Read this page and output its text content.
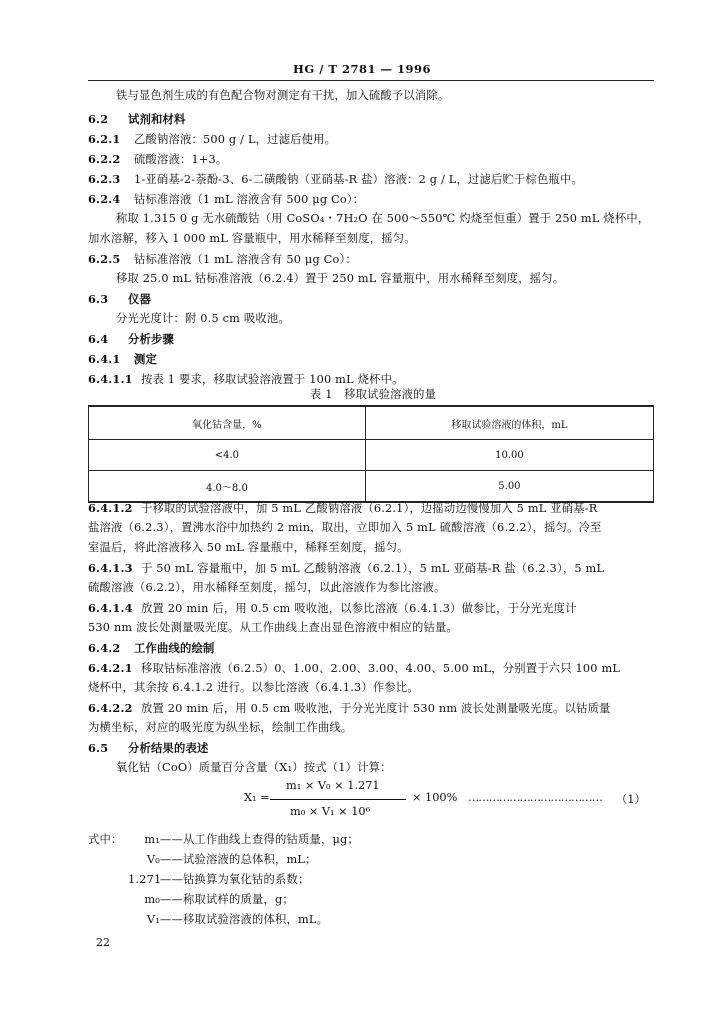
HG / T 2781 — 1996
铁与显色剂生成的有色配合物对测定有干扰，加入硫酸予以消除。
6.2 试剂和材料
6.2.1 乙酸钠溶液：500 g / L，过滤后使用。
6.2.2 硫酸溶液：1+3。
6.2.3 1-亚硝基-2-萘酚-3、6-二磺酸钠（亚硝基-R 盐）溶液：2 g / L，过滤后贮于棕色瓶中。
6.2.4 钴标准溶液（1 mL 溶液含有 500 μg Co）：
称取 1.315 0 g 无水硫酸钴（用 CoSO₄・7H₂O 在 500～550℃ 灼烧至恒重）置于 250 mL 烧杯中，
加水溶解，移入 1 000 mL 容量瓶中，用水稀释至刻度，摇匀。
6.2.5 钴标准溶液（1 mL 溶液含有 50 μg Co）：
移取 25.0 mL 钴标准溶液（6.2.4）置于 250 mL 容量瓶中，用水稀释至刻度，摇匀。
6.3 仪器
分光光度计：附 0.5 cm 吸收池。
6.4 分析步骤
6.4.1 测定
6.4.1.1 按表 1 要求，移取试验溶液置于 100 mL 烧杯中。
表 1　移取试验溶液的量
氧化钴含量，%	移取试验溶液的体积，mL
<4.0	10.00
4.0～8.0	5.00
6.4.1.2 于移取的试验溶液中，加 5 mL 乙酸钠溶液（6.2.1），边摇动边慢慢加入 5 mL 亚硝基-R
盐溶液（6.2.3），置沸水浴中加热约 2 min，取出，立即加入 5 mL 硫酸溶液（6.2.2），摇匀。冷至
室温后，将此溶液移入 50 mL 容量瓶中，稀释至刻度，摇匀。
6.4.1.3 于 50 mL 容量瓶中，加 5 mL 乙酸钠溶液（6.2.1），5 mL 亚硝基-R 盐（6.2.3），5 mL
硫酸溶液（6.2.2），用水稀释至刻度，摇匀，以此溶液作为参比溶液。
6.4.1.4 放置 20 min 后，用 0.5 cm 吸收池，以参比溶液（6.4.1.3）做参比，于分光光度计
530 nm 波长处测量吸光度。从工作曲线上查出显色溶液中相应的钴量。
6.4.2 工作曲线的绘制
6.4.2.1 移取钴标准溶液（6.2.5）0、1.00、2.00、3.00、4.00、5.00 mL，分别置于六只 100 mL
烧杯中，其余按 6.4.1.2 进行。以参比溶液（6.4.1.3）作参比。
6.4.2.2 放置 20 min 后，用 0.5 cm 吸收池，于分光光度计 530 nm 波长处测量吸光度。以钴质量
为横坐标，对应的吸光度为纵坐标，绘制工作曲线。
6.5 分析结果的表述
氧化钴（CoO）质量百分含量（X₁）按式（1）计算：
X₁ =
m₁ × V₀ × 1.271
m₀ × V₁ × 10⁶
× 100% ………………………………… （1）
式中： m₁——从工作曲线上查得的钴质量，μg；
V₀——试验溶液的总体积，mL；
1.271——钴换算为氧化钴的系数；
m₀——称取试样的质量，g；
V₁——移取试验溶液的体积，mL。
22
